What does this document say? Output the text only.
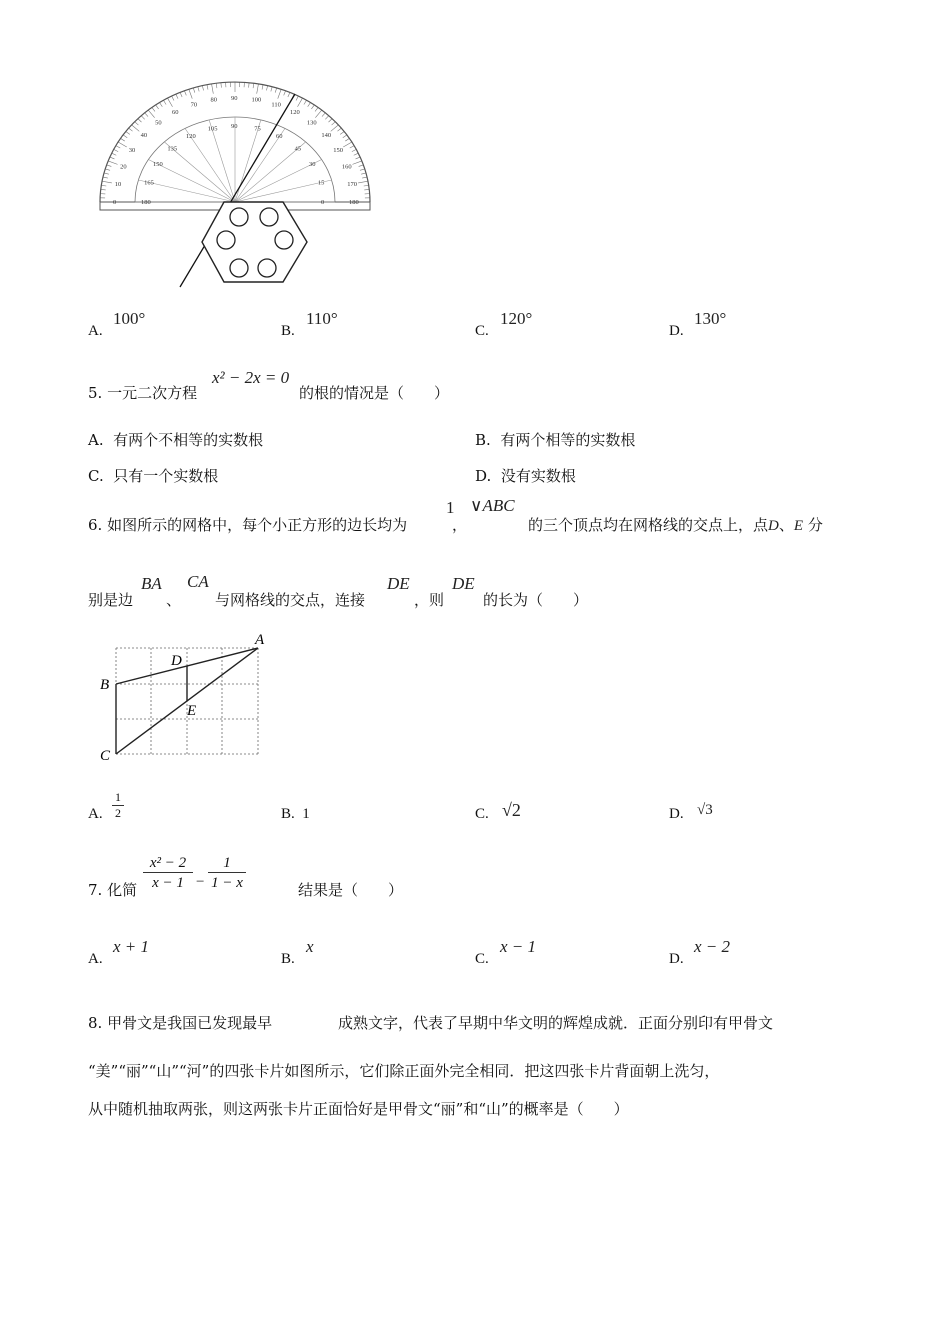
0
10
20
30
40
50
60
70
80 90 100
110
120
130
140
150
160
170
180
180
165
150
135
120
105 90	75
60
45
30
15
0
A.
100°
B.
110°
C.
120°
D.
130°
5. 一元二次方程
x² − 2x = 0
的根的情况是（　　）
A. 有两个不相等的实数根	B. 有两个相等的实数根
C. 只有一个实数根	D. 没有实数根
6. 如图所示的网格中，每个小正方形的边长均为
1
，
∨ABC
的三个顶点均在网格线的交点上，点D、E 分
别是边
BA
、
CA
与网格线的交点，连接
DE
，则
DE
的长为（　　）
A
B
C
D
E
A.
1
2	B. 1	C. √2	D. √3
7. 化简
x² − 2
x − 1 −
1
1 − x	结果是（　　）
A.
x + 1
B.
x
C.
x − 1
D.
x − 2
8. 甲骨文是我国已发现最早	成熟文字，代表了早期中华文明的辉煌成就．正面分别印有甲骨文
“美”“丽”“山”“河”的四张卡片如图所示，它们除正面外完全相同．把这四张卡片背面朝上洗匀，
从中随机抽取两张，则这两张卡片正面恰好是甲骨文“丽”和“山”的概率是（　　）
